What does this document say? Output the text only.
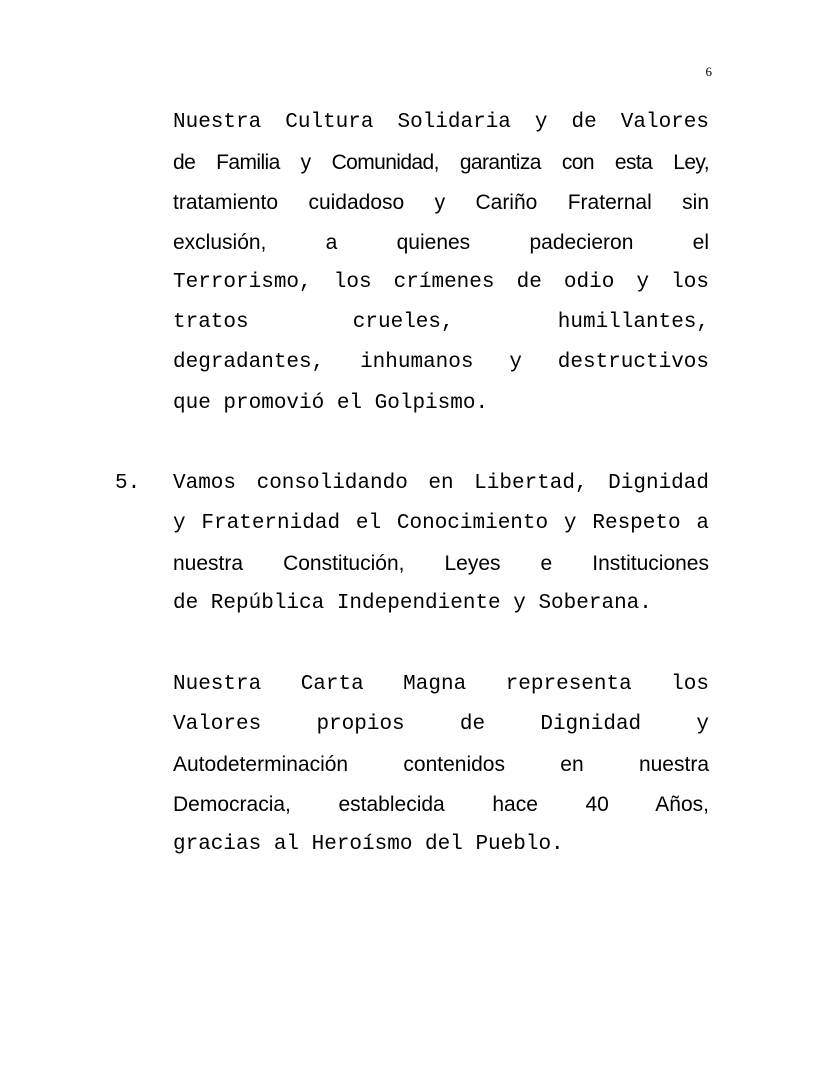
6
Nuestra Cultura Solidaria y de Valores
de Familia y Comunidad, garantiza con esta Ley,
tratamiento cuidadoso y Cariño Fraternal sin
exclusión, a quienes padecieron el
Terrorismo, los crímenes de odio y los
tratos crueles, humillantes,
degradantes, inhumanos y destructivos
que promovió el Golpismo.
5. Vamos consolidando en Libertad, Dignidad
y Fraternidad el Conocimiento y Respeto a
nuestra Constitución, Leyes e Instituciones
de República Independiente y Soberana.
Nuestra Carta Magna representa los
Valores propios de Dignidad y
Autodeterminación contenidos en nuestra
Democracia, establecida hace 40 Años,
gracias al Heroísmo del Pueblo.
